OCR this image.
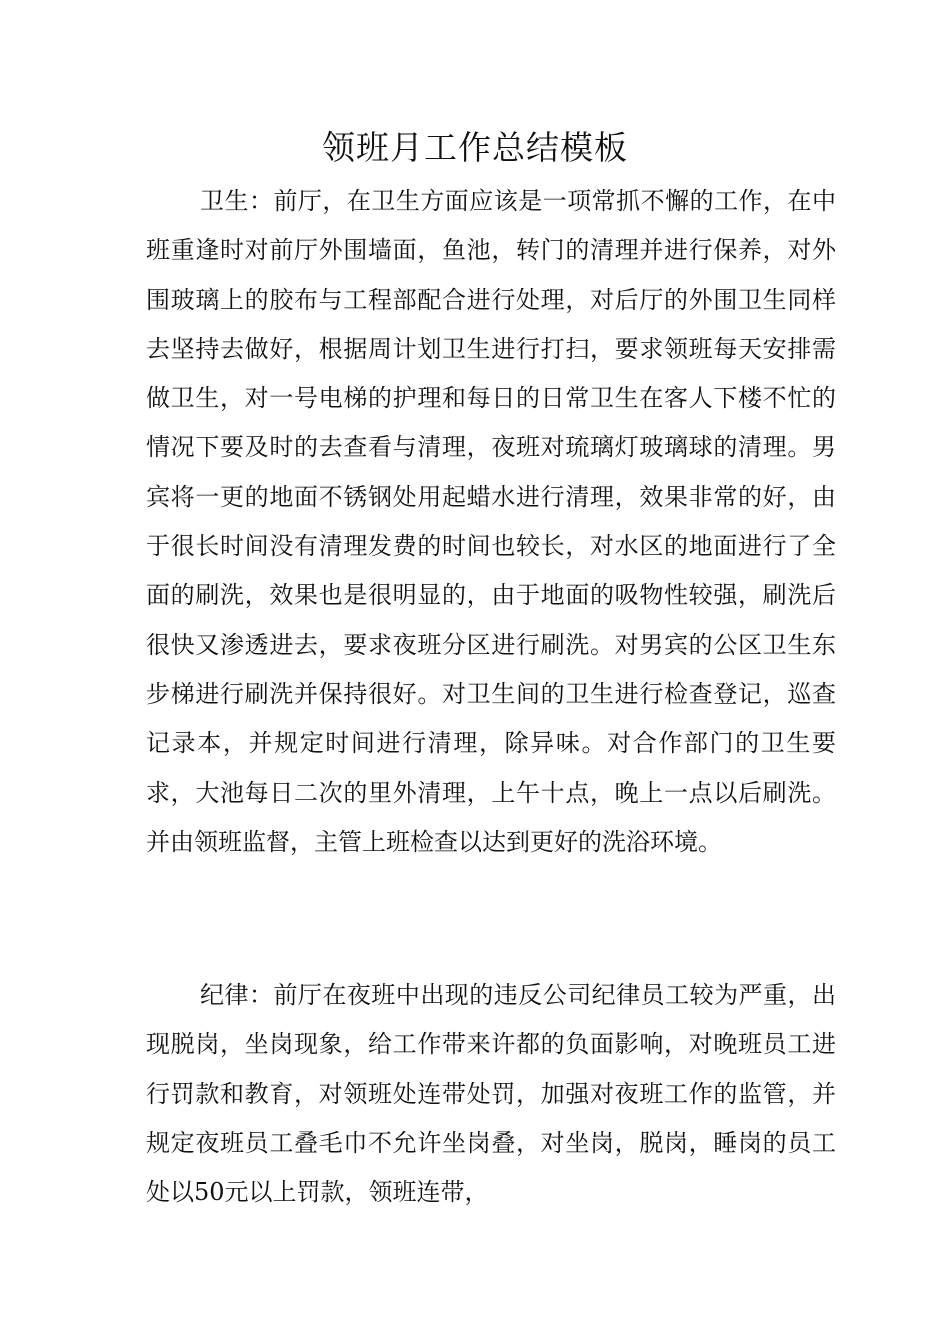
领班月工作总结模板

卫生：前厅，在卫生方面应该是一项常抓不懈的工作，在中班重逢时对前厅外围墙面，鱼池，转门的清理并进行保养，对外围玻璃上的胶布与工程部配合进行处理，对后厅的外围卫生同样去坚持去做好，根据周计划卫生进行打扫，要求领班每天安排需做卫生，对一号电梯的护理和每日的日常卫生在客人下楼不忙的情况下要及时的去查看与清理，夜班对琉璃灯玻璃球的清理。男宾将一更的地面不锈钢处用起蜡水进行清理，效果非常的好，由于很长时间没有清理发费的时间也较长，对水区的地面进行了全面的刷洗，效果也是很明显的，由于地面的吸物性较强，刷洗后很快又渗透进去，要求夜班分区进行刷洗。对男宾的公区卫生东步梯进行刷洗并保持很好。对卫生间的卫生进行检查登记，巡查记录本，并规定时间进行清理，除异味。对合作部门的卫生要求，大池每日二次的里外清理，上午十点，晚上一点以后刷洗。并由领班监督，主管上班检查以达到更好的洗浴环境。

纪律：前厅在夜班中出现的违反公司纪律员工较为严重，出现脱岗，坐岗现象，给工作带来许都的负面影响，对晚班员工进行罚款和教育，对领班处连带处罚，加强对夜班工作的监管，并规定夜班员工叠毛巾不允许坐岗叠，对坐岗，脱岗，睡岗的员工处以50元以上罚款，领班连带，
